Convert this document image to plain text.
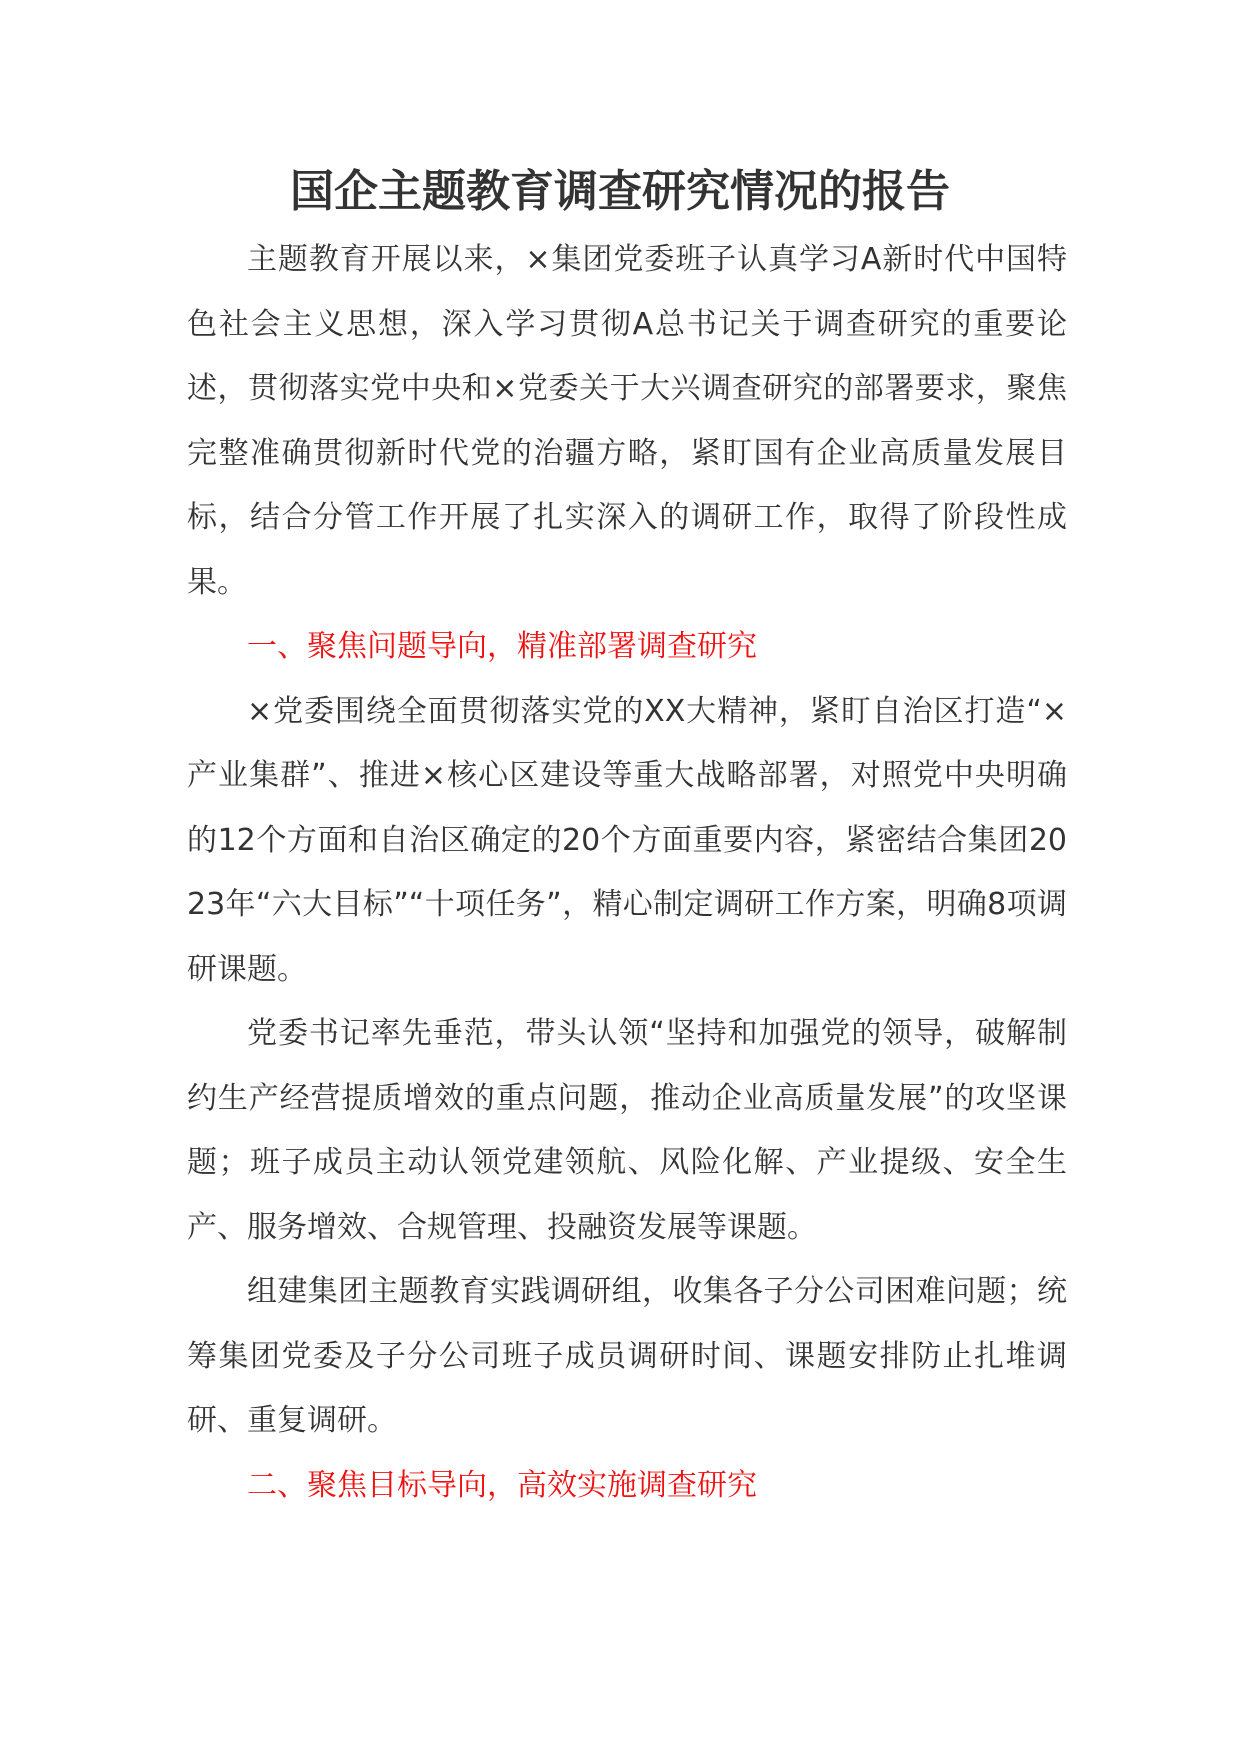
国企主题教育调查研究情况的报告

主题教育开展以来，×集团党委班子认真学习A新时代中国特色社会主义思想，深入学习贯彻A总书记关于调查研究的重要论述，贯彻落实党中央和×党委关于大兴调查研究的部署要求，聚焦完整准确贯彻新时代党的治疆方略，紧盯国有企业高质量发展目标，结合分管工作开展了扎实深入的调研工作，取得了阶段性成果。

一、聚焦问题导向，精准部署调查研究

×党委围绕全面贯彻落实党的XX大精神，紧盯自治区打造“×产业集群”、推进×核心区建设等重大战略部署，对照党中央明确的12个方面和自治区确定的20个方面重要内容，紧密结合集团2023年“六大目标”“十项任务”，精心制定调研工作方案，明确8项调研课题。

党委书记率先垂范，带头认领“坚持和加强党的领导，破解制约生产经营提质增效的重点问题，推动企业高质量发展”的攻坚课题；班子成员主动认领党建领航、风险化解、产业提级、安全生产、服务增效、合规管理、投融资发展等课题。

组建集团主题教育实践调研组，收集各子分公司困难问题；统筹集团党委及子分公司班子成员调研时间、课题安排防止扎堆调研、重复调研。

二、聚焦目标导向，高效实施调查研究
